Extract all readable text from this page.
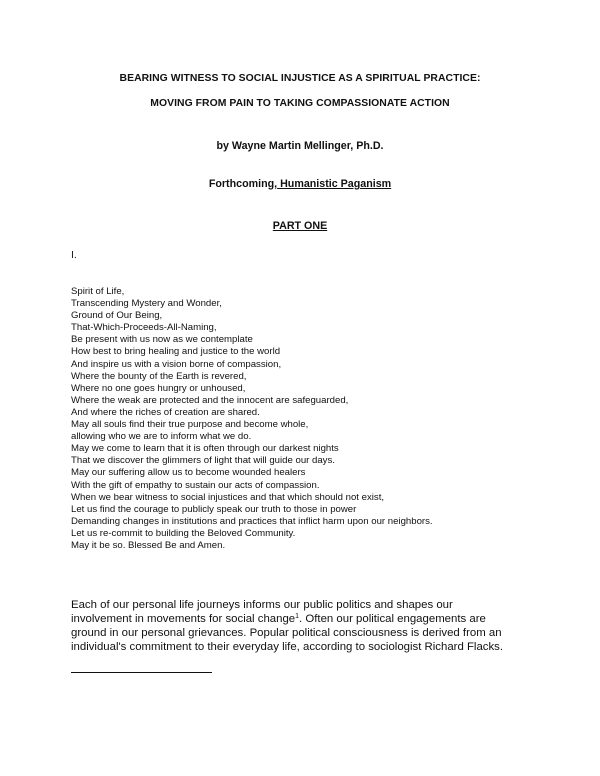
BEARING WITNESS TO SOCIAL INJUSTICE AS A SPIRITUAL PRACTICE:
MOVING FROM PAIN TO TAKING COMPASSIONATE ACTION
by Wayne Martin Mellinger, Ph.D.
Forthcoming, Humanistic Paganism
PART ONE
I.
Spirit of Life,
Transcending Mystery and Wonder,
Ground of Our Being,
That-Which-Proceeds-All-Naming,
Be present with us now as we contemplate
How best to bring healing and justice to the world
And inspire us with a vision borne of compassion,
Where the bounty of the Earth is revered,
Where no one goes hungry or unhoused,
Where the weak are protected and the innocent are safeguarded,
And where the riches of creation are shared.
May all souls find their true purpose and become whole,
allowing who we are to inform what we do.
May we come to learn that it is often through our darkest nights
That we discover the glimmers of light that will guide our days.
May our suffering allow us to become wounded healers
With the gift of empathy to sustain our acts of compassion.
When we bear witness to social injustices and that which should not exist,
Let us find the courage to publicly speak our truth to those in power
Demanding changes in institutions and practices that inflict harm upon our neighbors.
Let us re-commit to building the Beloved Community.
May it be so. Blessed Be and Amen.
Each of our personal life journeys informs our public politics and shapes our
involvement in movements for social change$^1$. Often our political engagements are
ground in our personal grievances. Popular political consciousness is derived from an
individual's commitment to their everyday life, according to sociologist Richard Flacks.
